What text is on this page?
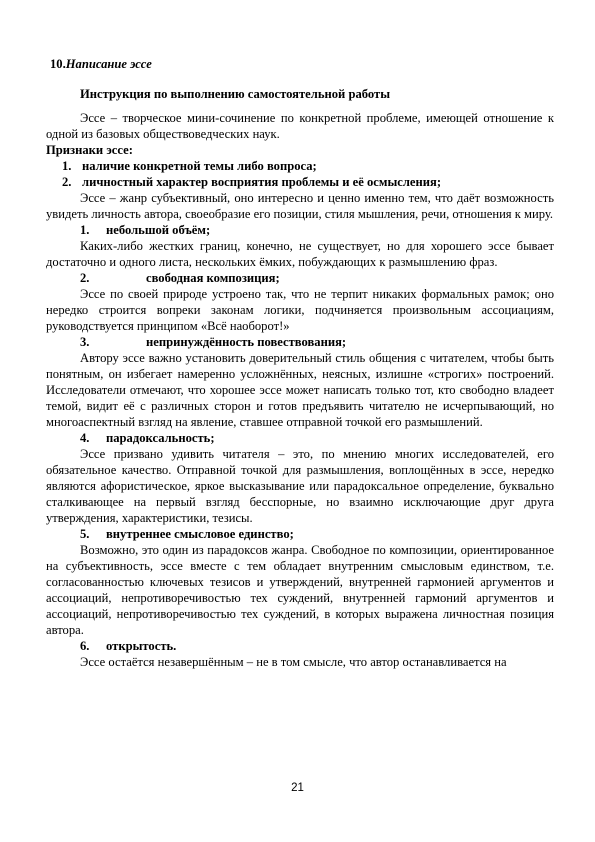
10.Написание эссе

Инструкция по выполнению самостоятельной работы

Эссе – творческое мини-сочинение по конкретной проблеме, имеющей отношение к одной из базовых обществоведческих наук.

Признаки эссе:

1. наличие конкретной темы либо вопроса;

2. личностный характер восприятия проблемы и её осмысления;

Эссе – жанр субъективный, оно интересно и ценно именно тем, что даёт возможность увидеть личность автора, своеобразие его позиции, стиля мышления, речи, отношения к миру.

1. небольшой объём;

Каких-либо жестких границ, конечно, не существует, но для хорошего эссе бывает достаточно и одного листа, нескольких ёмких, побуждающих к размышлению фраз.

2.	свободная композиция;

Эссе по своей природе устроено так, что не терпит никаких формальных рамок; оно нередко строится вопреки законам логики, подчиняется произвольным ассоциациям, руководствуется принципом «Всё наоборот!»

3.	непринуждённость повествования;

Автору эссе важно установить доверительный стиль общения с читателем, чтобы быть понятным, он избегает намеренно усложнённых, неясных, излишне «строгих» построений. Исследователи отмечают, что хорошее эссе может написать только тот, кто свободно владеет темой, видит её с различных сторон и готов предъявить читателю не исчерпывающий, но многоаспектный взгляд на явление, ставшее отправной точкой его размышлений.

4. парадоксальность;

Эссе призвано удивить читателя – это, по мнению многих исследователей, его обязательное качество. Отправной точкой для размышления, воплощённых в эссе, нередко являются афористическое, яркое высказывание или парадоксальное определение, буквально сталкивающее на первый взгляд бесспорные, но взаимно исключающие друг друга утверждения, характеристики, тезисы.

5. внутреннее смысловое единство;

Возможно, это один из парадоксов жанра. Свободное по композиции, ориентированное на субъективность, эссе вместе с тем обладает внутренним смысловым единством, т.е. согласованностью ключевых тезисов и утверждений, внутренней гармонией аргументов и ассоциаций, непротиворечивостью тех суждений, внутренней гармоний аргументов и ассоциаций, непротиворечивостью тех суждений, в которых выражена личностная позиция автора.

6. открытость.

Эссе остаётся незавершённым – не в том смысле, что автор останавливается на

21
